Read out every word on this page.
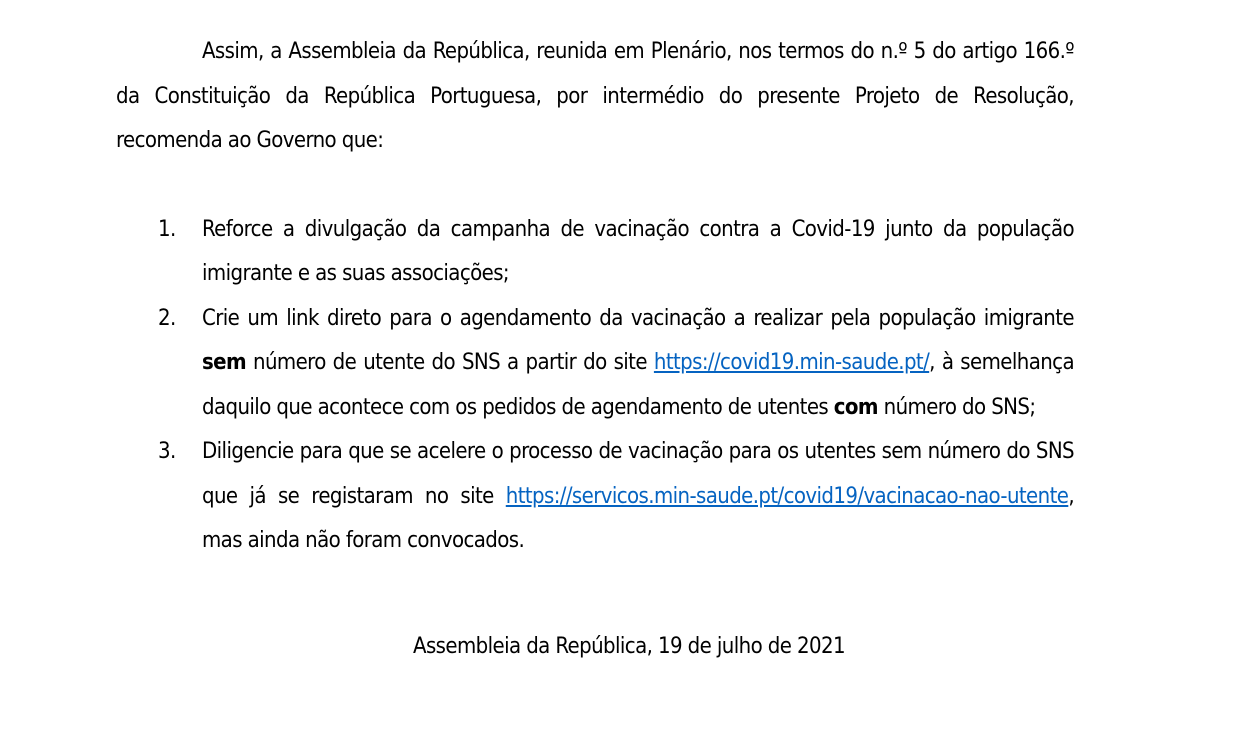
Assim, a Assembleia da República, reunida em Plenário, nos termos do n.º 5 do artigo 166.º da Constituição da República Portuguesa, por intermédio do presente Projeto de Resolução, recomenda ao Governo que:

1. Reforce a divulgação da campanha de vacinação contra a Covid-19 junto da população imigrante e as suas associações;
2. Crie um link direto para o agendamento da vacinação a realizar pela população imigrante sem número de utente do SNS a partir do site https://covid19.min-saude.pt/, à semelhança daquilo que acontece com os pedidos de agendamento de utentes com número do SNS;
3. Diligencie para que se acelere o processo de vacinação para os utentes sem número do SNS que já se registaram no site https://servicos.min-saude.pt/covid19/vacinacao-nao-utente, mas ainda não foram convocados.
Assembleia da República, 19 de julho de 2021
